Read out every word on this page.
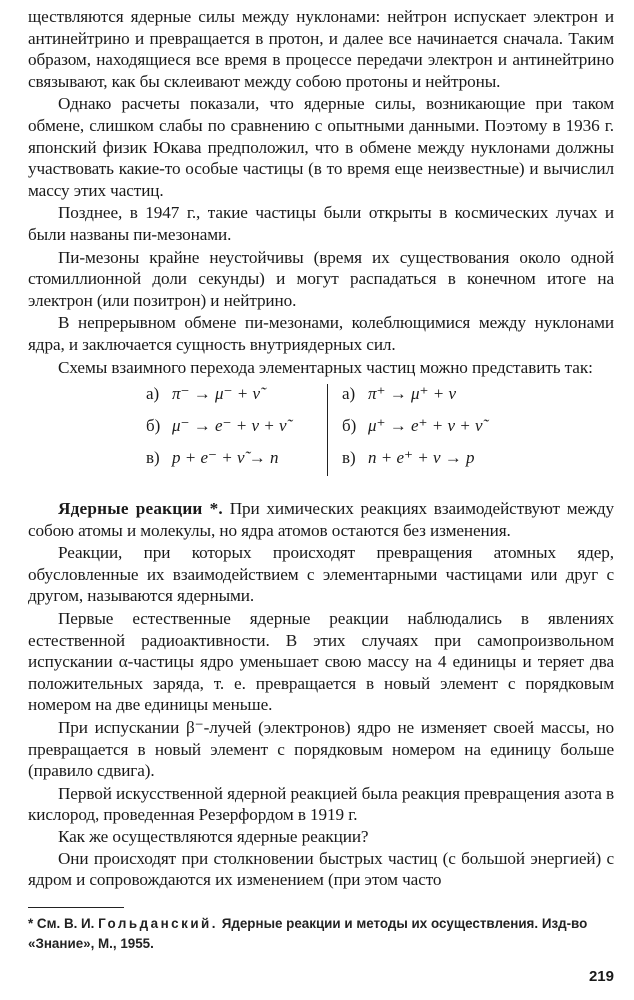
ществляются ядерные силы между нуклонами: нейтрон испускает электрон и антинейтрино и превращается в протон, и далее все начинается сначала. Таким образом, находящиеся все время в процессе передачи электрон и антинейтрино связывают, как бы склеивают между собою протоны и нейтроны.

Однако расчеты показали, что ядерные силы, возникающие при таком обмене, слишком слабы по сравнению с опытными данными. Поэтому в 1936 г. японский физик Юкава предположил, что в обмене между нуклонами должны участвовать какие-то особые частицы (в то время еще неизвестные) и вычислил массу этих частиц.

Позднее, в 1947 г., такие частицы были открыты в космических лучах и были названы пи-мезонами.

Пи-мезоны крайне неустойчивы (время их существования около одной стомиллионной доли секунды) и могут распадаться в конечном итоге на электрон (или позитрон) и нейтрино.

В непрерывном обмене пи-мезонами, колеблющимися между нуклонами ядра, и заключается сущность внутриядерных сил.

Схемы взаимного перехода элементарных частиц можно представить так:

а) π⁻ → μ⁻ + ν̃
б) μ⁻ → e⁻ + ν + ν̃
в) p + e⁻ + ν̃ → n
а) π⁺ → μ⁺ + ν
б) μ⁺ → e⁺ + ν + ν̃
в) n + e⁺ + ν → p

Ядерные реакции *. При химических реакциях взаимодействуют между собою атомы и молекулы, но ядра атомов остаются без изменения.

Реакции, при которых происходят превращения атомных ядер, обусловленные их взаимодействием с элементарными частицами или друг с другом, называются ядерными.

Первые естественные ядерные реакции наблюдались в явлениях естественной радиоактивности. В этих случаях при самопроизвольном испускании α-частицы ядро уменьшает свою массу на 4 единицы и теряет два положительных заряда, т. е. превращается в новый элемент с порядковым номером на две единицы меньше.

При испускании β⁻-лучей (электронов) ядро не изменяет своей массы, но превращается в новый элемент с порядковым номером на единицу больше (правило сдвига).

Первой искусственной ядерной реакцией была реакция превращения азота в кислород, проведенная Резерфордом в 1919 г.

Как же осуществляются ядерные реакции?

Они происходят при столкновении быстрых частиц (с большой энергией) с ядром и сопровождаются их изменением (при этом часто

* См. В. И. Гольданский. Ядерные реакции и методы их осуществления. Изд-во «Знание», М., 1955.
219
